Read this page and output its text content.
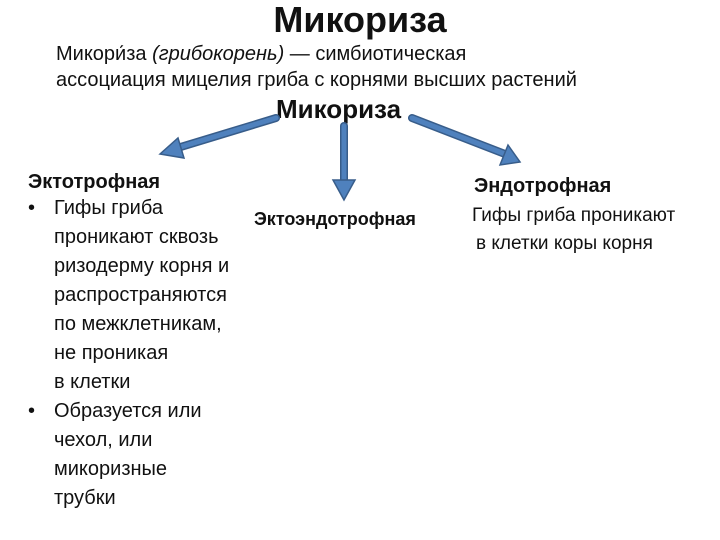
Микориза
Микори́за (грибокорень) — симбиотическая
ассоциация мицелия гриба с корнями высших растений
Микориза
Эктотрофная
• Гифы гриба
проникают сквозь
ризодерму корня и
распространяются
по межклетникам,
не проникая
в клетки
• Образуется или
чехол, или
микоризные
трубки
Эктоэндотрофная
Эндотрофная
Гифы гриба проникают
в клетки коры корня
